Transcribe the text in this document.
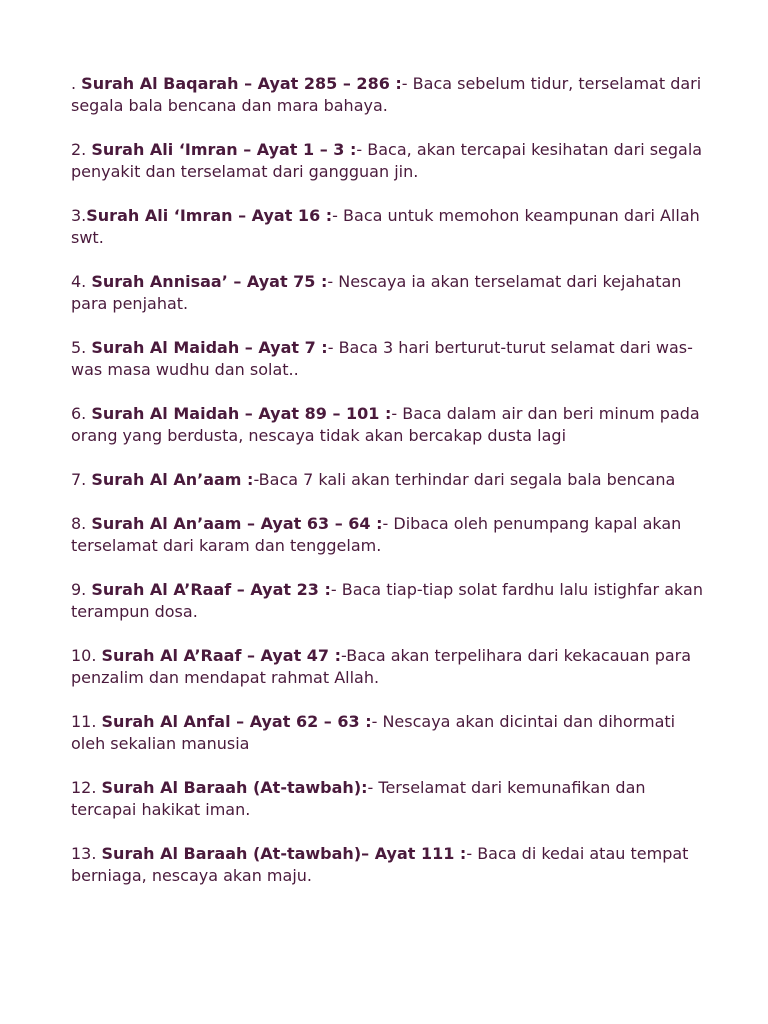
. Surah Al Baqarah – Ayat 285 – 286 :- Baca sebelum tidur, terselamat dari segala bala bencana dan mara bahaya.

2. Surah Ali ‘Imran – Ayat 1 – 3 :- Baca, akan tercapai kesihatan dari segala penyakit dan terselamat dari gangguan jin.

3.Surah Ali ‘Imran – Ayat 16 :- Baca untuk memohon keampunan dari Allah swt.

4. Surah Annisaa’ – Ayat 75 :- Nescaya ia akan terselamat dari kejahatan para penjahat.

5. Surah Al Maidah – Ayat 7 :- Baca 3 hari berturut-turut selamat dari was-was masa wudhu dan solat..

6. Surah Al Maidah – Ayat 89 – 101 :- Baca dalam air dan beri minum pada orang yang berdusta, nescaya tidak akan bercakap dusta lagi

7. Surah Al An’aam :-Baca 7 kali akan terhindar dari segala bala bencana

8. Surah Al An’aam – Ayat 63 – 64 :- Dibaca oleh penumpang kapal akan terselamat dari karam dan tenggelam.

9. Surah Al A’Raaf – Ayat 23 :- Baca tiap-tiap solat fardhu lalu istighfar akan terampun dosa.

10. Surah Al A’Raaf – Ayat 47 :-Baca akan terpelihara dari kekacauan para penzalim dan mendapat rahmat Allah.

11. Surah Al Anfal – Ayat 62 – 63 :- Nescaya akan dicintai dan dihormati oleh sekalian manusia

12. Surah Al Baraah (At-tawbah):- Terselamat dari kemunafikan dan tercapai hakikat iman.

13. Surah Al Baraah (At-tawbah)– Ayat 111 :- Baca di kedai atau tempat berniaga, nescaya akan maju.
